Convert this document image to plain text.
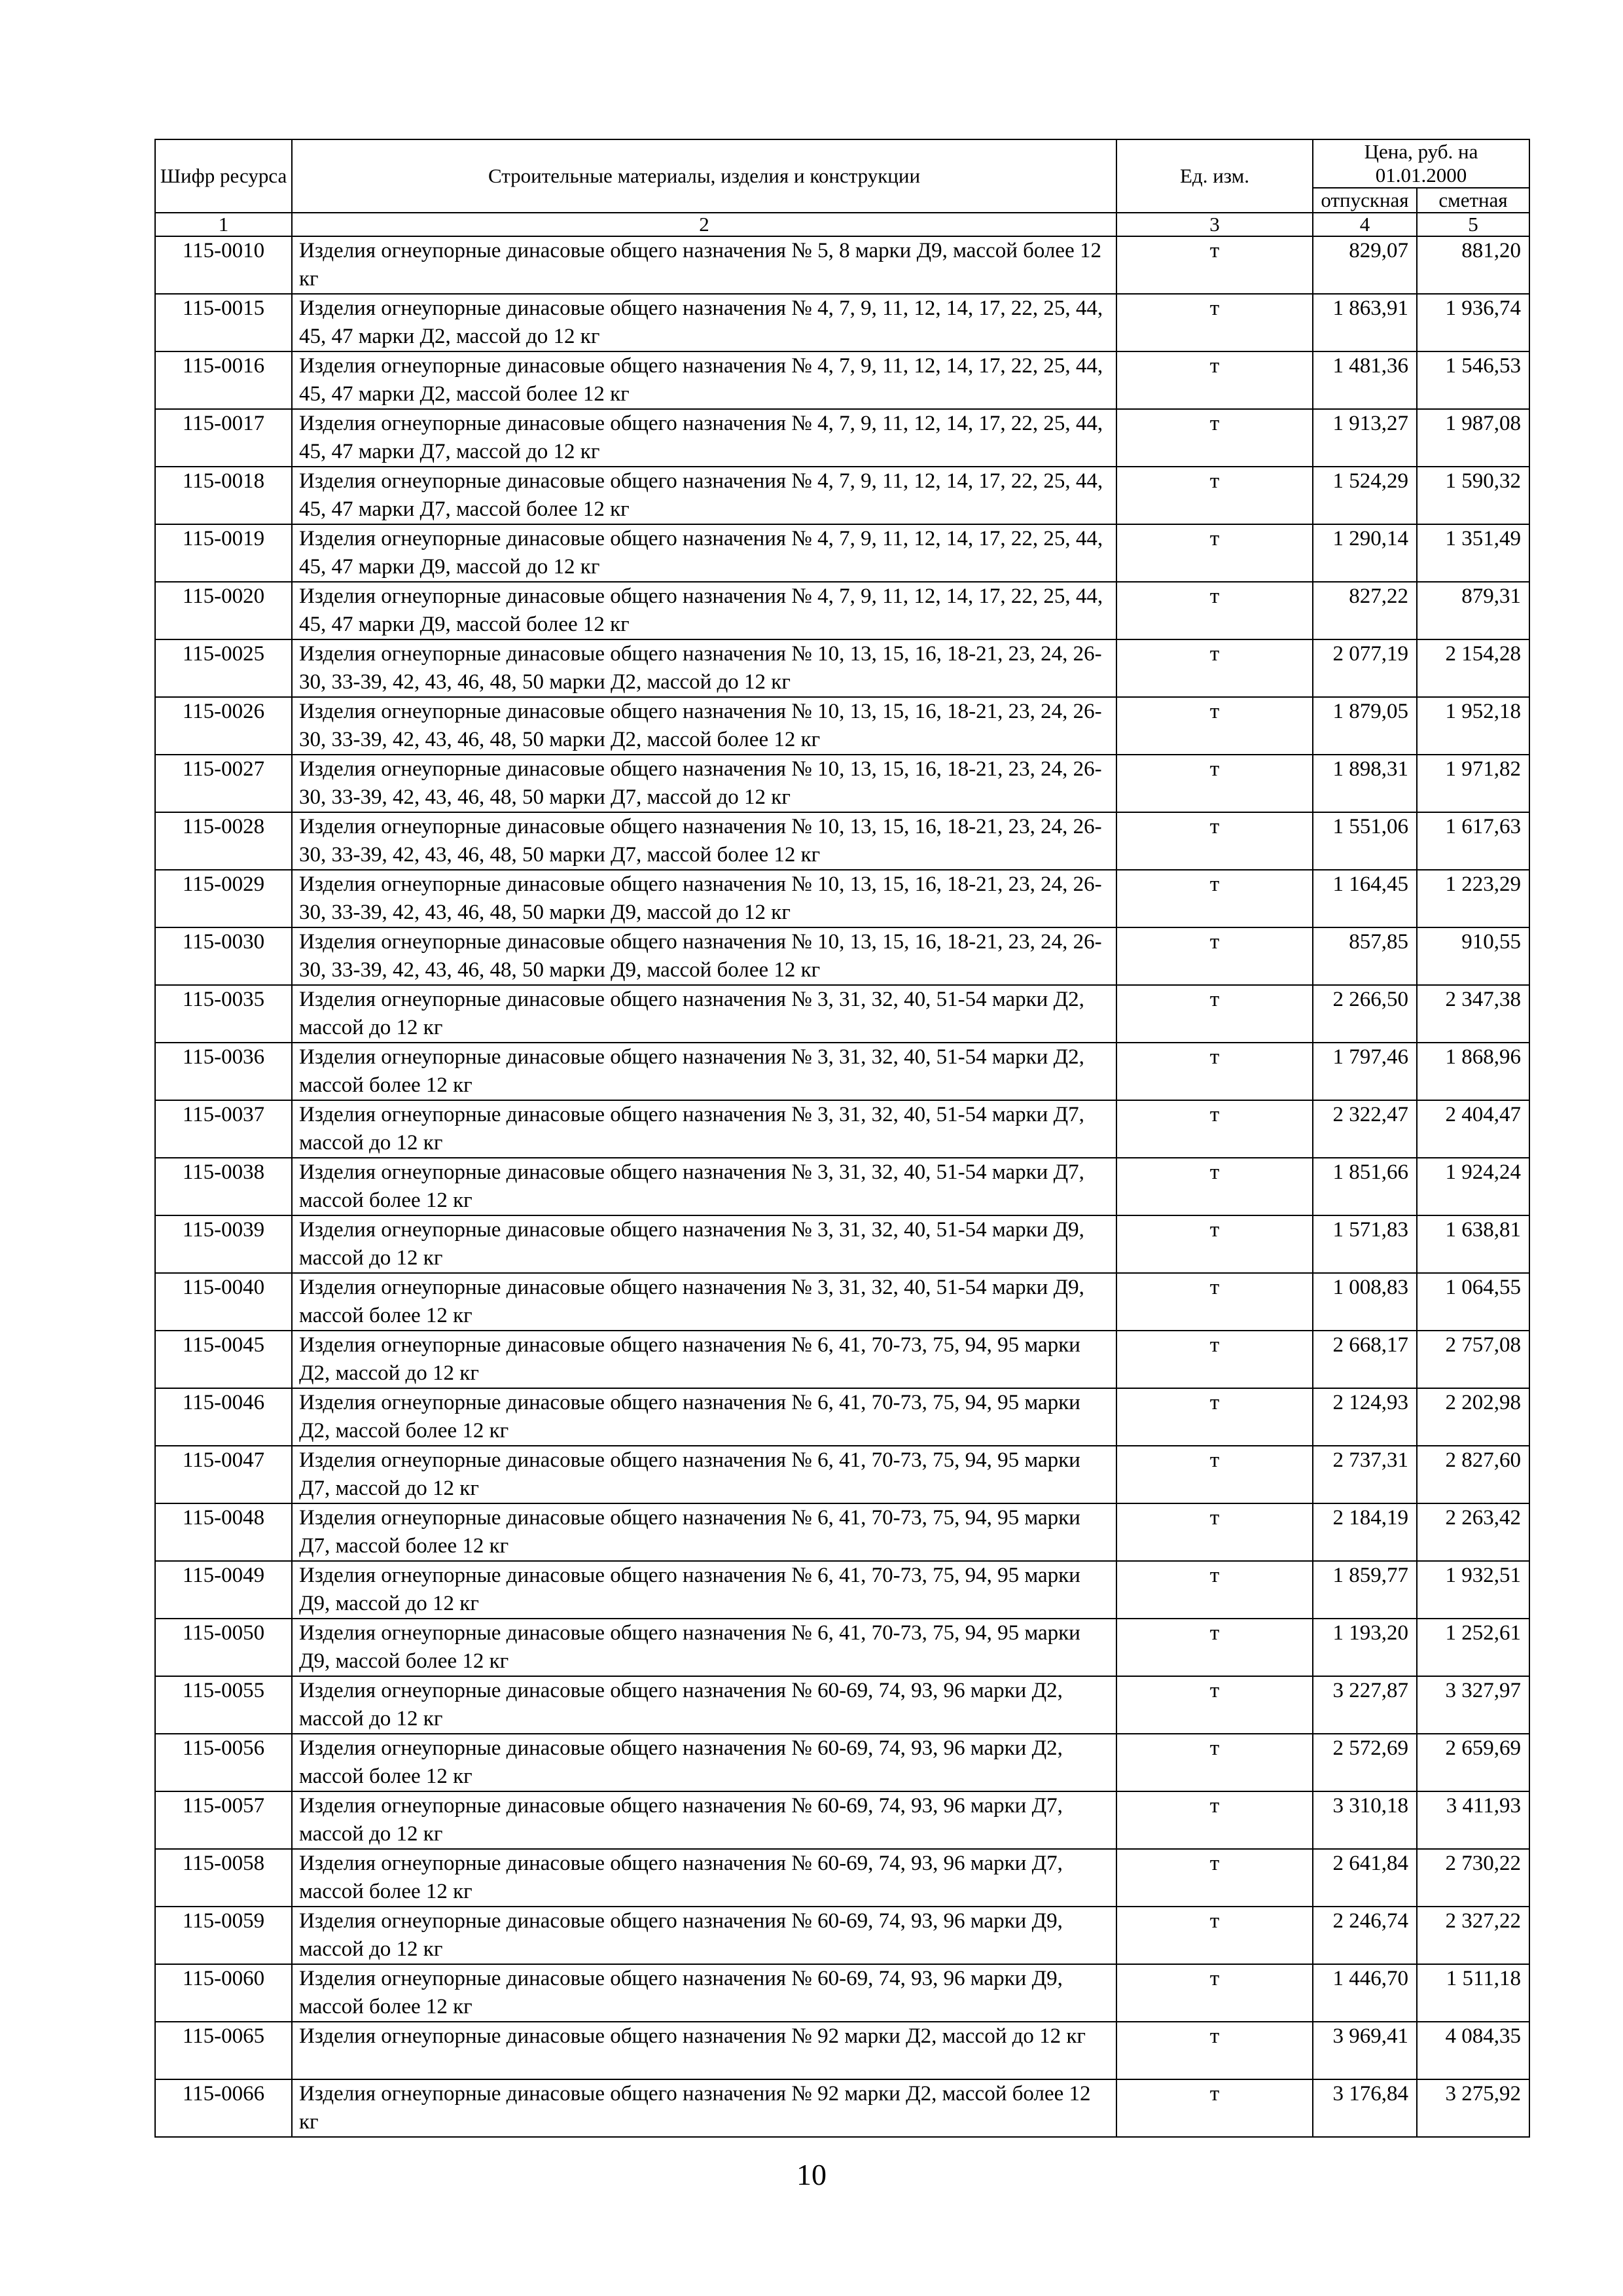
Шифр ресурса	Строительные материалы, изделия и конструкции	Ед. изм.	Цена, руб. на 01.01.2000	
			отпускная	сметная
1	2	3	4	5
115-0010	Изделия огнеупорные динасовые общего назначения № 5, 8 марки Д9, массой более 12 кг	т	829,07	881,20
115-0015	Изделия огнеупорные динасовые общего назначения № 4, 7, 9, 11, 12, 14, 17, 22, 25, 44, 45, 47 марки Д2, массой до 12 кг	т	1 863,91	1 936,74
115-0016	Изделия огнеупорные динасовые общего назначения № 4, 7, 9, 11, 12, 14, 17, 22, 25, 44, 45, 47 марки Д2, массой более 12 кг	т	1 481,36	1 546,53
115-0017	Изделия огнеупорные динасовые общего назначения № 4, 7, 9, 11, 12, 14, 17, 22, 25, 44, 45, 47 марки Д7, массой до 12 кг	т	1 913,27	1 987,08
115-0018	Изделия огнеупорные динасовые общего назначения № 4, 7, 9, 11, 12, 14, 17, 22, 25, 44, 45, 47 марки Д7, массой более 12 кг	т	1 524,29	1 590,32
115-0019	Изделия огнеупорные динасовые общего назначения № 4, 7, 9, 11, 12, 14, 17, 22, 25, 44, 45, 47 марки Д9, массой до 12 кг	т	1 290,14	1 351,49
115-0020	Изделия огнеупорные динасовые общего назначения № 4, 7, 9, 11, 12, 14, 17, 22, 25, 44, 45, 47 марки Д9, массой более 12 кг	т	827,22	879,31
115-0025	Изделия огнеупорные динасовые общего назначения № 10, 13, 15, 16, 18-21, 23, 24, 26-30, 33-39, 42, 43, 46, 48, 50 марки Д2, массой до 12 кг	т	2 077,19	2 154,28
115-0026	Изделия огнеупорные динасовые общего назначения № 10, 13, 15, 16, 18-21, 23, 24, 26-30, 33-39, 42, 43, 46, 48, 50 марки Д2, массой более 12 кг	т	1 879,05	1 952,18
115-0027	Изделия огнеупорные динасовые общего назначения № 10, 13, 15, 16, 18-21, 23, 24, 26-30, 33-39, 42, 43, 46, 48, 50 марки Д7, массой до 12 кг	т	1 898,31	1 971,82
115-0028	Изделия огнеупорные динасовые общего назначения № 10, 13, 15, 16, 18-21, 23, 24, 26-30, 33-39, 42, 43, 46, 48, 50 марки Д7, массой более 12 кг	т	1 551,06	1 617,63
115-0029	Изделия огнеупорные динасовые общего назначения № 10, 13, 15, 16, 18-21, 23, 24, 26-30, 33-39, 42, 43, 46, 48, 50 марки Д9, массой до 12 кг	т	1 164,45	1 223,29
115-0030	Изделия огнеупорные динасовые общего назначения № 10, 13, 15, 16, 18-21, 23, 24, 26-30, 33-39, 42, 43, 46, 48, 50 марки Д9, массой более 12 кг	т	857,85	910,55
115-0035	Изделия огнеупорные динасовые общего назначения № 3, 31, 32, 40, 51-54 марки Д2, массой до 12 кг	т	2 266,50	2 347,38
115-0036	Изделия огнеупорные динасовые общего назначения № 3, 31, 32, 40, 51-54 марки Д2, массой более 12 кг	т	1 797,46	1 868,96
115-0037	Изделия огнеупорные динасовые общего назначения № 3, 31, 32, 40, 51-54 марки Д7, массой до 12 кг	т	2 322,47	2 404,47
115-0038	Изделия огнеупорные динасовые общего назначения № 3, 31, 32, 40, 51-54 марки Д7, массой более 12 кг	т	1 851,66	1 924,24
115-0039	Изделия огнеупорные динасовые общего назначения № 3, 31, 32, 40, 51-54 марки Д9, массой до 12 кг	т	1 571,83	1 638,81
115-0040	Изделия огнеупорные динасовые общего назначения № 3, 31, 32, 40, 51-54 марки Д9, массой более 12 кг	т	1 008,83	1 064,55
115-0045	Изделия огнеупорные динасовые общего назначения № 6, 41, 70-73, 75, 94, 95 марки Д2, массой до 12 кг	т	2 668,17	2 757,08
115-0046	Изделия огнеупорные динасовые общего назначения № 6, 41, 70-73, 75, 94, 95 марки Д2, массой более 12 кг	т	2 124,93	2 202,98
115-0047	Изделия огнеупорные динасовые общего назначения № 6, 41, 70-73, 75, 94, 95 марки Д7, массой до 12 кг	т	2 737,31	2 827,60
115-0048	Изделия огнеупорные динасовые общего назначения № 6, 41, 70-73, 75, 94, 95 марки Д7, массой более 12 кг	т	2 184,19	2 263,42
115-0049	Изделия огнеупорные динасовые общего назначения № 6, 41, 70-73, 75, 94, 95 марки Д9, массой до 12 кг	т	1 859,77	1 932,51
115-0050	Изделия огнеупорные динасовые общего назначения № 6, 41, 70-73, 75, 94, 95 марки Д9, массой более 12 кг	т	1 193,20	1 252,61
115-0055	Изделия огнеупорные динасовые общего назначения № 60-69, 74, 93, 96 марки Д2, массой до 12 кг	т	3 227,87	3 327,97
115-0056	Изделия огнеупорные динасовые общего назначения № 60-69, 74, 93, 96 марки Д2, массой более 12 кг	т	2 572,69	2 659,69
115-0057	Изделия огнеупорные динасовые общего назначения № 60-69, 74, 93, 96 марки Д7, массой до 12 кг	т	3 310,18	3 411,93
115-0058	Изделия огнеупорные динасовые общего назначения № 60-69, 74, 93, 96 марки Д7, массой более 12 кг	т	2 641,84	2 730,22
115-0059	Изделия огнеупорные динасовые общего назначения № 60-69, 74, 93, 96 марки Д9, массой до 12 кг	т	2 246,74	2 327,22
115-0060	Изделия огнеупорные динасовые общего назначения № 60-69, 74, 93, 96 марки Д9, массой более 12 кг	т	1 446,70	1 511,18
115-0065	Изделия огнеупорные динасовые общего назначения № 92 марки Д2, массой до 12 кг	т	3 969,41	4 084,35
115-0066	Изделия огнеупорные динасовые общего назначения № 92 марки Д2, массой более 12 кг	т	3 176,84	3 275,92
10
